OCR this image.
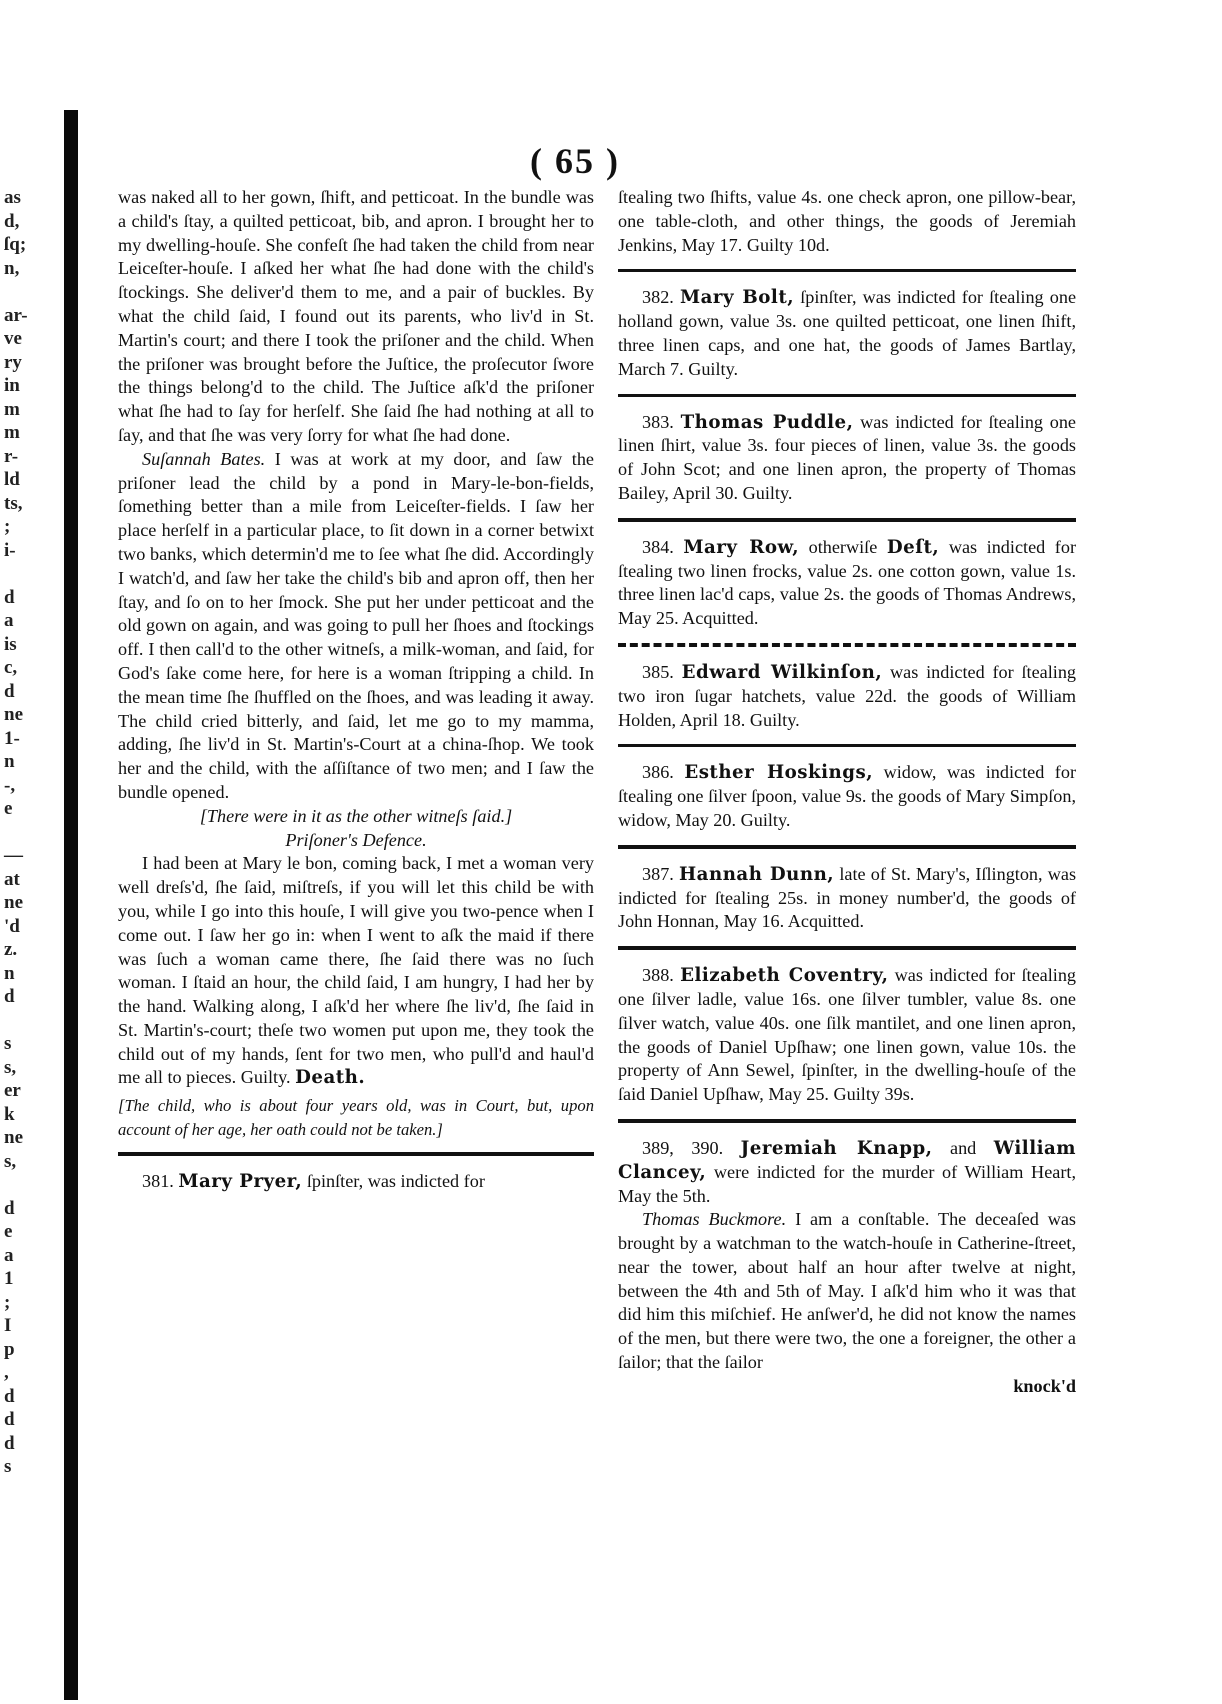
as
d,
ſq;
n,
ar-
ve
ry
in
m
m
r-
ld
ts,
;
i-
d
a
is
c,
d
ne
1-
n
-,
e
—
at
ne
'd
z.
n
d
s
s,
er
k
ne
s,
d
e
a
1
;
I
p
,
d
d
d
s
( 65 )

was naked all to her gown, ſhift, and petticoat. In the bundle was a child's ſtay, a quilted petticoat, bib, and apron. I brought her to my dwelling-houſe. She confeſt ſhe had taken the child from near Leiceſter-houſe. I aſked her what ſhe had done with the child's ſtockings. She deliver'd them to me, and a pair of buckles. By what the child ſaid, I found out its parents, who liv'd in St. Martin's court; and there I took the priſoner and the child. When the priſoner was brought before the Juſtice, the proſecutor ſwore the things belong'd to the child. The Juſtice aſk'd the priſoner what ſhe had to ſay for herſelf. She ſaid ſhe had nothing at all to ſay, and that ſhe was very ſorry for what ſhe had done.

Suſannah Bates. I was at work at my door, and ſaw the priſoner lead the child by a pond in Mary-le-bon-fields, ſomething better than a mile from Leiceſter-fields. I ſaw her place herſelf in a particular place, to ſit down in a corner betwixt two banks, which determin'd me to ſee what ſhe did. Accordingly I watch'd, and ſaw her take the child's bib and apron off, then her ſtay, and ſo on to her ſmock. She put her under petticoat and the old gown on again, and was going to pull her ſhoes and ſtockings off. I then call'd to the other witneſs, a milk-woman, and ſaid, for God's ſake come here, for here is a woman ſtripping a child. In the mean time ſhe ſhuffled on the ſhoes, and was leading it away. The child cried bitterly, and ſaid, let me go to my mamma, adding, ſhe liv'd in St. Martin's-Court at a china-ſhop. We took her and the child, with the aſſiſtance of two men; and I ſaw the bundle opened.

[There were in it as the other witneſs ſaid.]

Priſoner's Defence.

I had been at Mary le bon, coming back, I met a woman very well dreſs'd, ſhe ſaid, miſtreſs, if you will let this child be with you, while I go into this houſe, I will give you two-pence when I come out. I ſaw her go in: when I went to aſk the maid if there was ſuch a woman came there, ſhe ſaid there was no ſuch woman. I ſtaid an hour, the child ſaid, I am hungry, I had her by the hand. Walking along, I aſk'd her where ſhe liv'd, ſhe ſaid in St. Martin's-court; theſe two women put upon me, they took the child out of my hands, ſent for two men, who pull'd and haul'd me all to pieces. Guilty. Death.

[The child, who is about four years old, was in Court, but, upon account of her age, her oath could not be taken.]

381. Mary Pryer, ſpinſter, was indicted for

ſtealing two ſhifts, value 4s. one check apron, one pillow-bear, one table-cloth, and other things, the goods of Jeremiah Jenkins, May 17. Guilty 10d.

382. Mary Bolt, ſpinſter, was indicted for ſtealing one holland gown, value 3s. one quilted petticoat, one linen ſhift, three linen caps, and one hat, the goods of James Bartlay, March 7. Guilty.

383. Thomas Puddle, was indicted for ſtealing one linen ſhirt, value 3s. four pieces of linen, value 3s. the goods of John Scot; and one linen apron, the property of Thomas Bailey, April 30. Guilty.

384. Mary Row, otherwiſe Deſt, was indicted for ſtealing two linen frocks, value 2s. one cotton gown, value 1s. three linen lac'd caps, value 2s. the goods of Thomas Andrews, May 25. Acquitted.

385. Edward Wilkinſon, was indicted for ſtealing two iron ſugar hatchets, value 22d. the goods of William Holden, April 18. Guilty.

386. Esther Hoskings, widow, was indicted for ſtealing one ſilver ſpoon, value 9s. the goods of Mary Simpſon, widow, May 20. Guilty.

387. Hannah Dunn, late of St. Mary's, Iſlington, was indicted for ſtealing 25s. in money number'd, the goods of John Honnan, May 16. Acquitted.

388. Elizabeth Coventry, was indicted for ſtealing one ſilver ladle, value 16s. one ſilver tumbler, value 8s. one ſilver watch, value 40s. one ſilk mantilet, and one linen apron, the goods of Daniel Upſhaw; one linen gown, value 10s. the property of Ann Sewel, ſpinſter, in the dwelling-houſe of the ſaid Daniel Upſhaw, May 25. Guilty 39s.

389, 390. Jeremiah Knapp, and William Clancey, were indicted for the murder of William Heart, May the 5th.

Thomas Buckmore. I am a conſtable. The deceaſed was brought by a watchman to the watch-houſe in Catherine-ſtreet, near the tower, about half an hour after twelve at night, between the 4th and 5th of May. I aſk'd him who it was that did him this miſchief. He anſwer'd, he did not know the names of the men, but there were two, the one a foreigner, the other a ſailor; that the ſailor

knock'd
